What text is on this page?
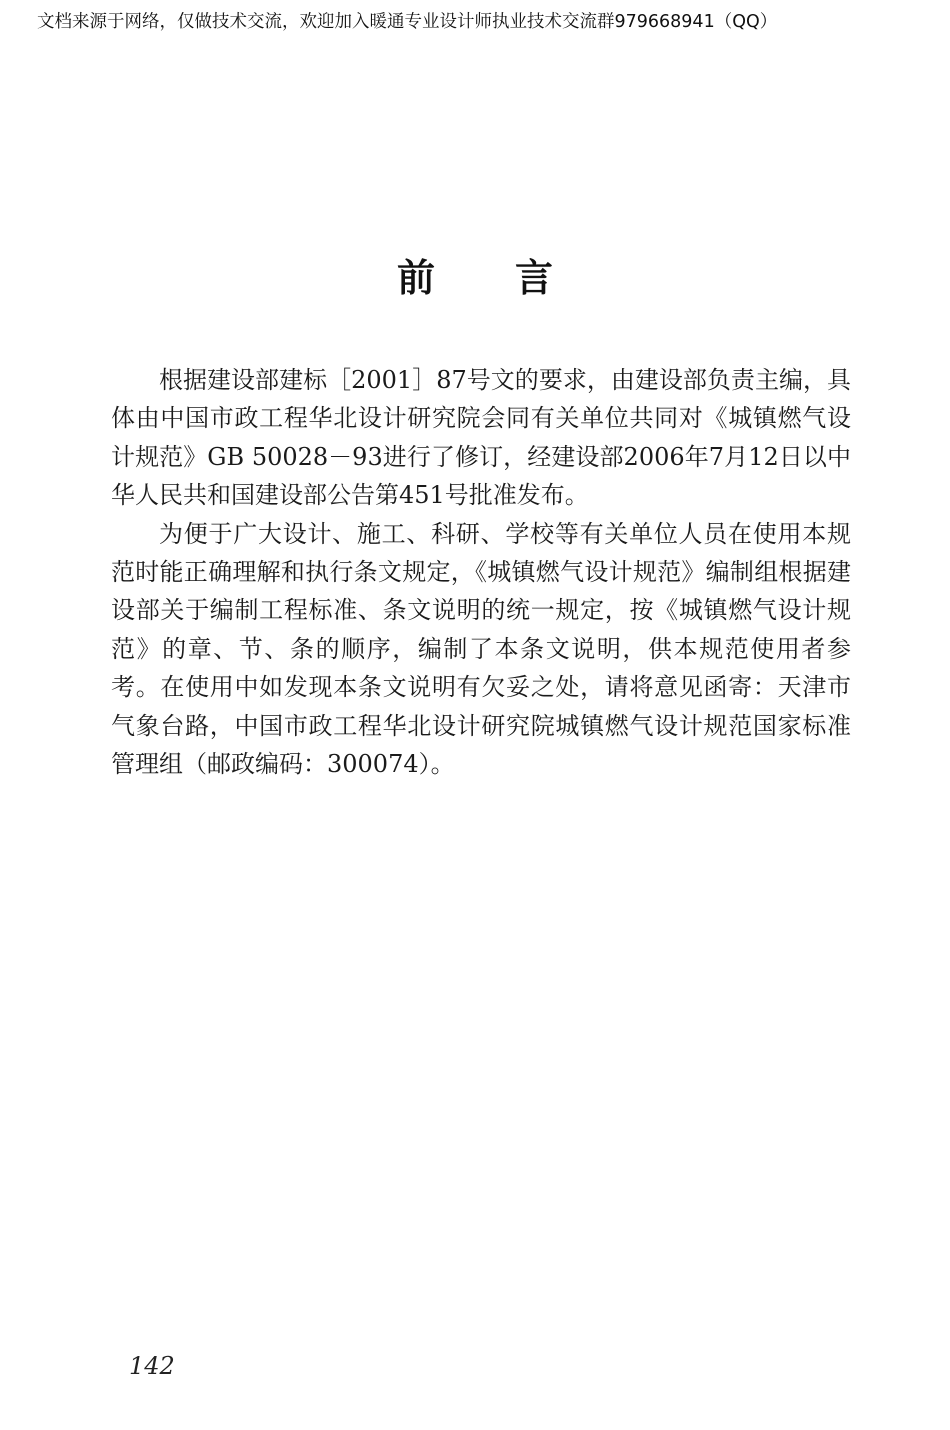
文档来源于网络，仅做技术交流，欢迎加入暖通专业设计师执业技术交流群979668941（QQ）
前言

根据建设部建标［2001］87号文的要求，由建设部负责主编，具体由中国市政工程华北设计研究院会同有关单位共同对《城镇燃气设计规范》GB 50028－93进行了修订，经建设部2006年7月12日以中华人民共和国建设部公告第451号批准发布。

为便于广大设计、施工、科研、学校等有关单位人员在使用本规范时能正确理解和执行条文规定，《城镇燃气设计规范》编制组根据建设部关于编制工程标准、条文说明的统一规定，按《城镇燃气设计规范》的章、节、条的顺序，编制了本条文说明，供本规范使用者参考。在使用中如发现本条文说明有欠妥之处，请将意见函寄：天津市气象台路，中国市政工程华北设计研究院城镇燃气设计规范国家标准管理组（邮政编码：300074）。

142
